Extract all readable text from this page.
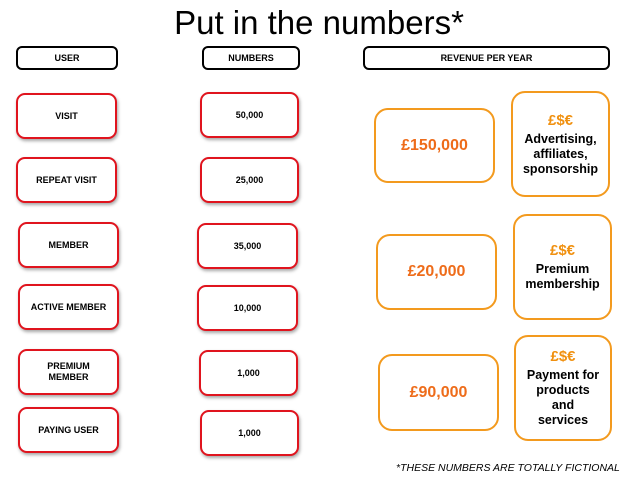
Put in the numbers*
USER	NUMBERS	REVENUE PER YEAR
VISIT
REPEAT VISIT
MEMBER
ACTIVE MEMBER
PREMIUM MEMBER
PAYING USER
50,000
25,000
35,000
10,000
1,000
1,000
£150,000
£20,000
£90,000
£$€
Advertising, affiliates, sponsorship
£$€
Premium membership
£$€
Payment for products and services
*THESE NUMBERS ARE TOTALLY FICTIONAL
